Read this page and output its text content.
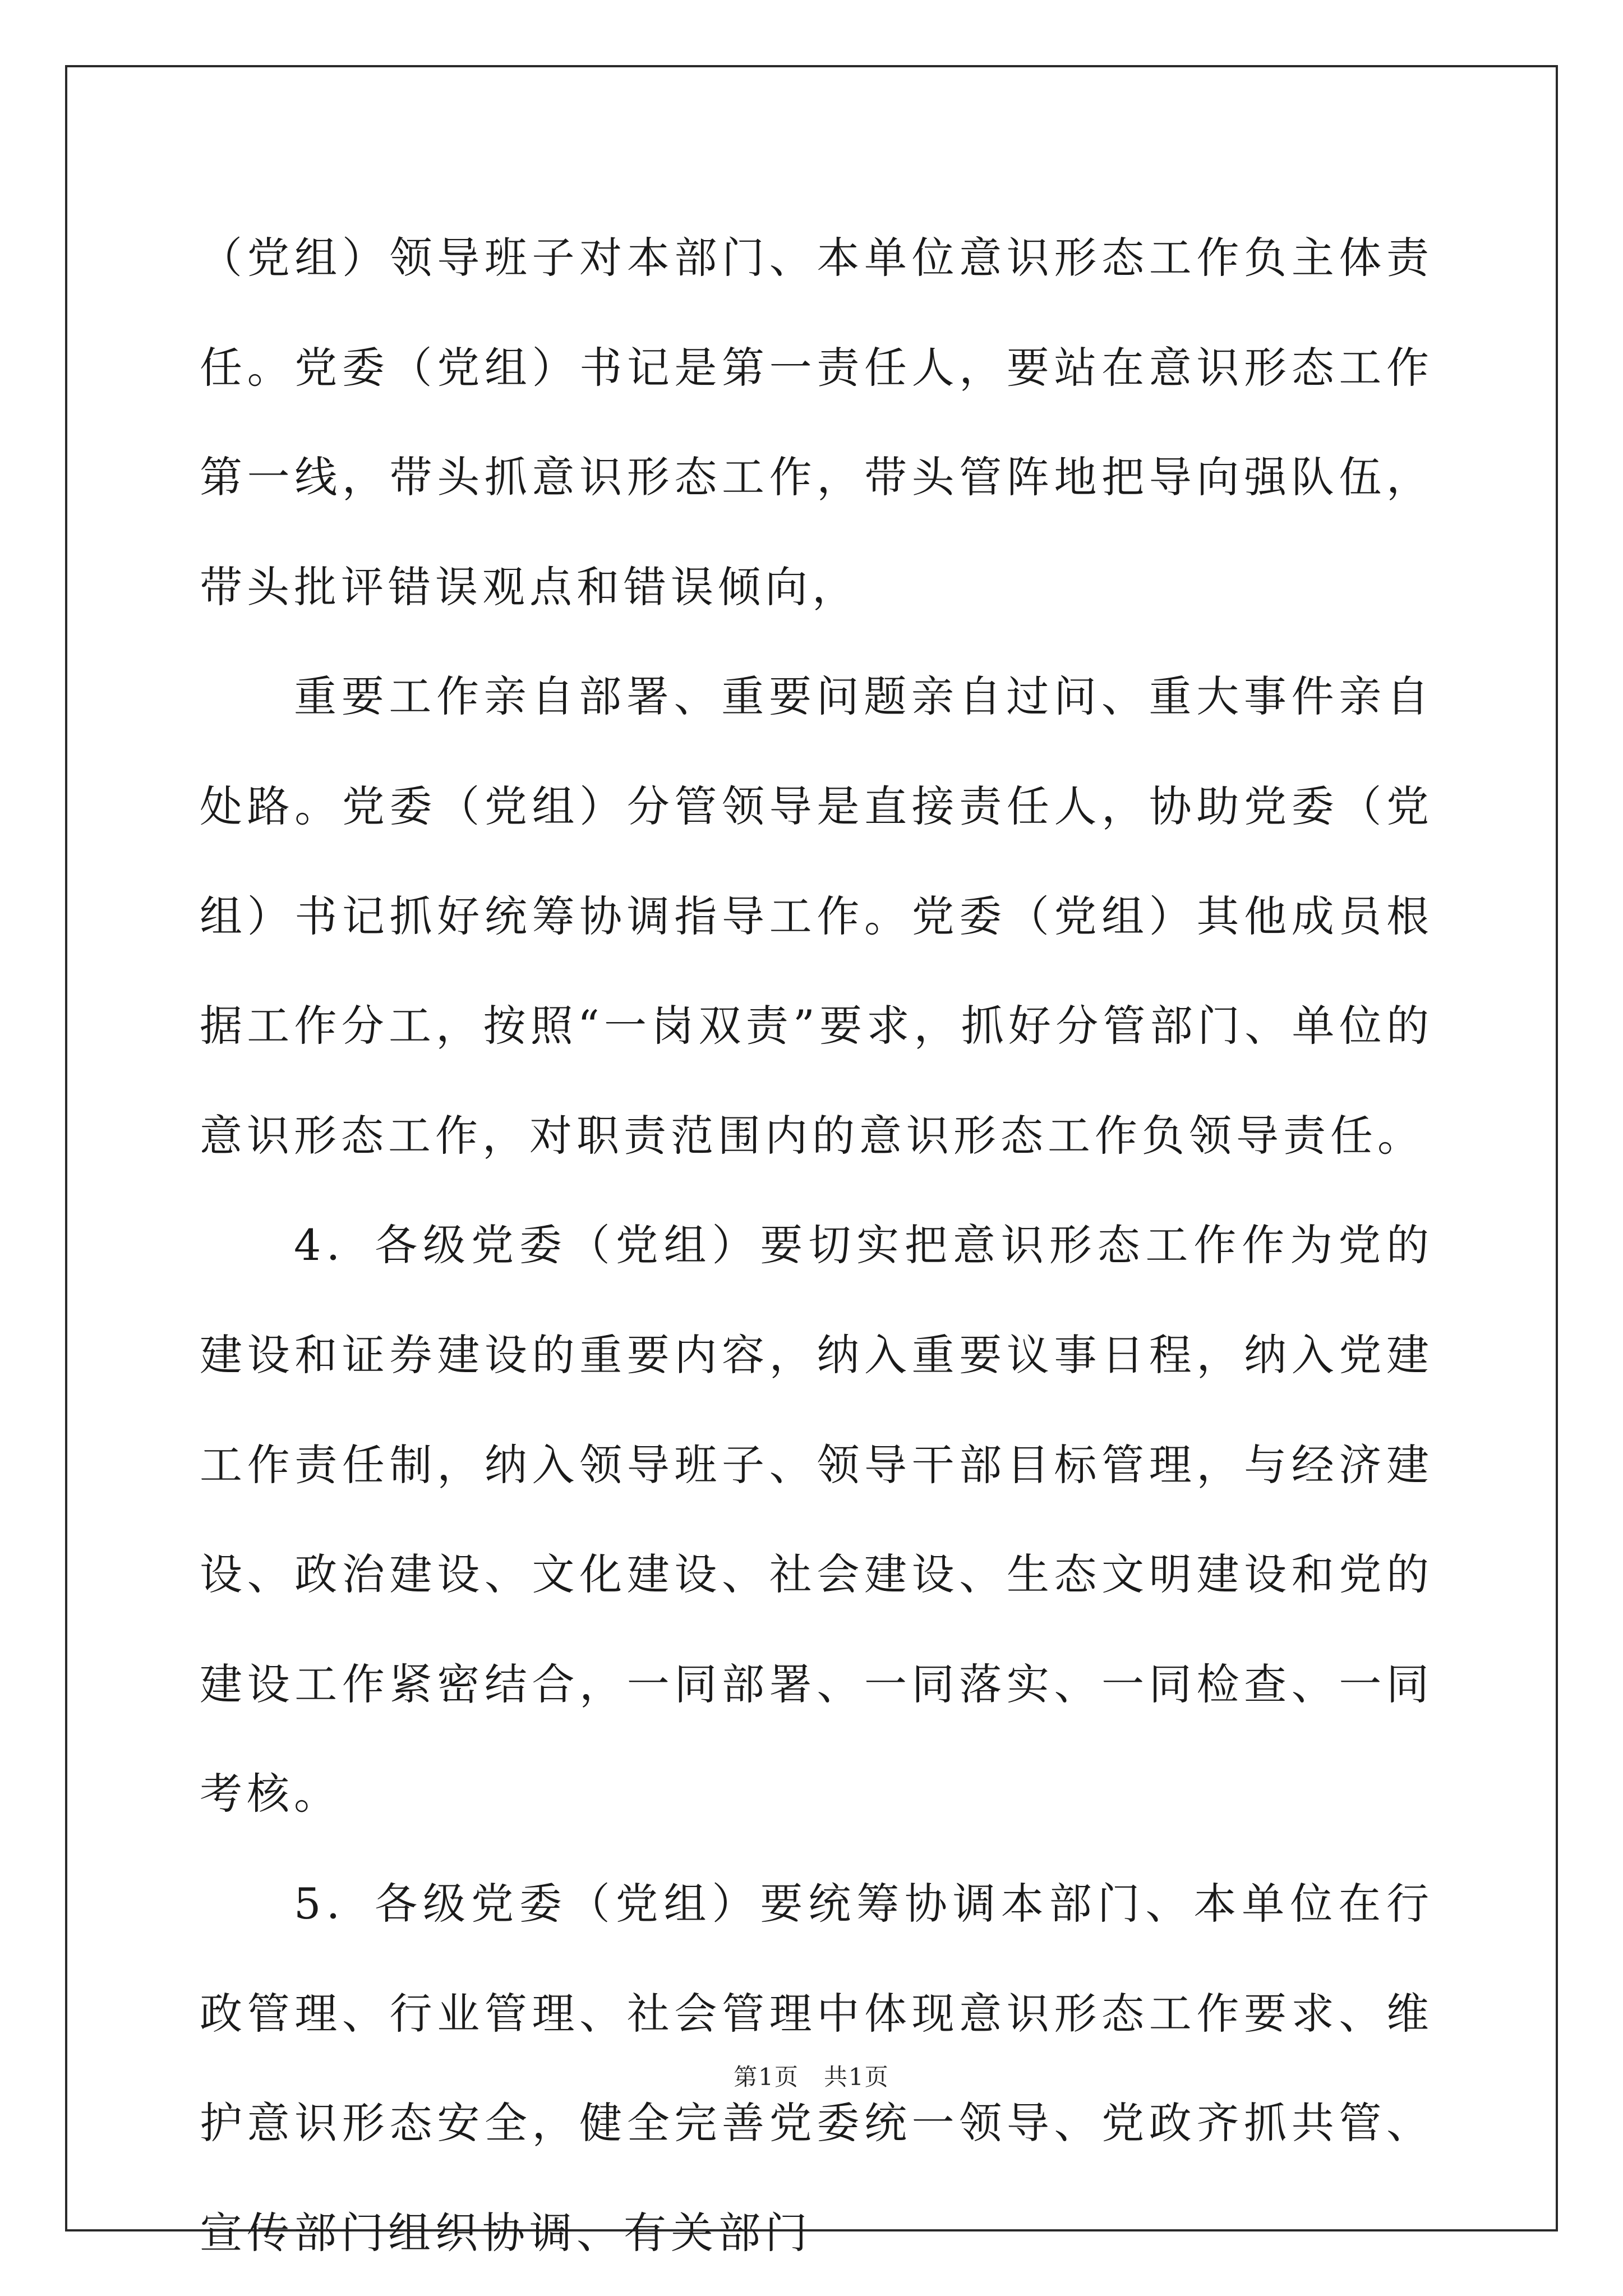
（党组）领导班子对本部门、本单位意识形态工作负主体责任。党委（党组）书记是第一责任人，要站在意识形态工作第一线，带头抓意识形态工作，带头管阵地把导向强队伍，带头批评错误观点和错误倾向，

重要工作亲自部署、重要问题亲自过问、重大事件亲自处路。党委（党组）分管领导是直接责任人，协助党委（党组）书记抓好统筹协调指导工作。党委（党组）其他成员根据工作分工，按照“一岗双责”要求，抓好分管部门、单位的意识形态工作，对职责范围内的意识形态工作负领导责任。

4．各级党委（党组）要切实把意识形态工作作为党的建设和证券建设的重要内容，纳入重要议事日程，纳入党建工作责任制，纳入领导班子、领导干部目标管理，与经济建设、政治建设、文化建设、社会建设、生态文明建设和党的建设工作紧密结合，一同部署、一同落实、一同检查、一同考核。

5．各级党委（党组）要统筹协调本部门、本单位在行政管理、行业管理、社会管理中体现意识形态工作要求、维护意识形态安全，健全完善党委统一领导、党政齐抓共管、宣传部门组织协调、有关部门

第1页　共1页
